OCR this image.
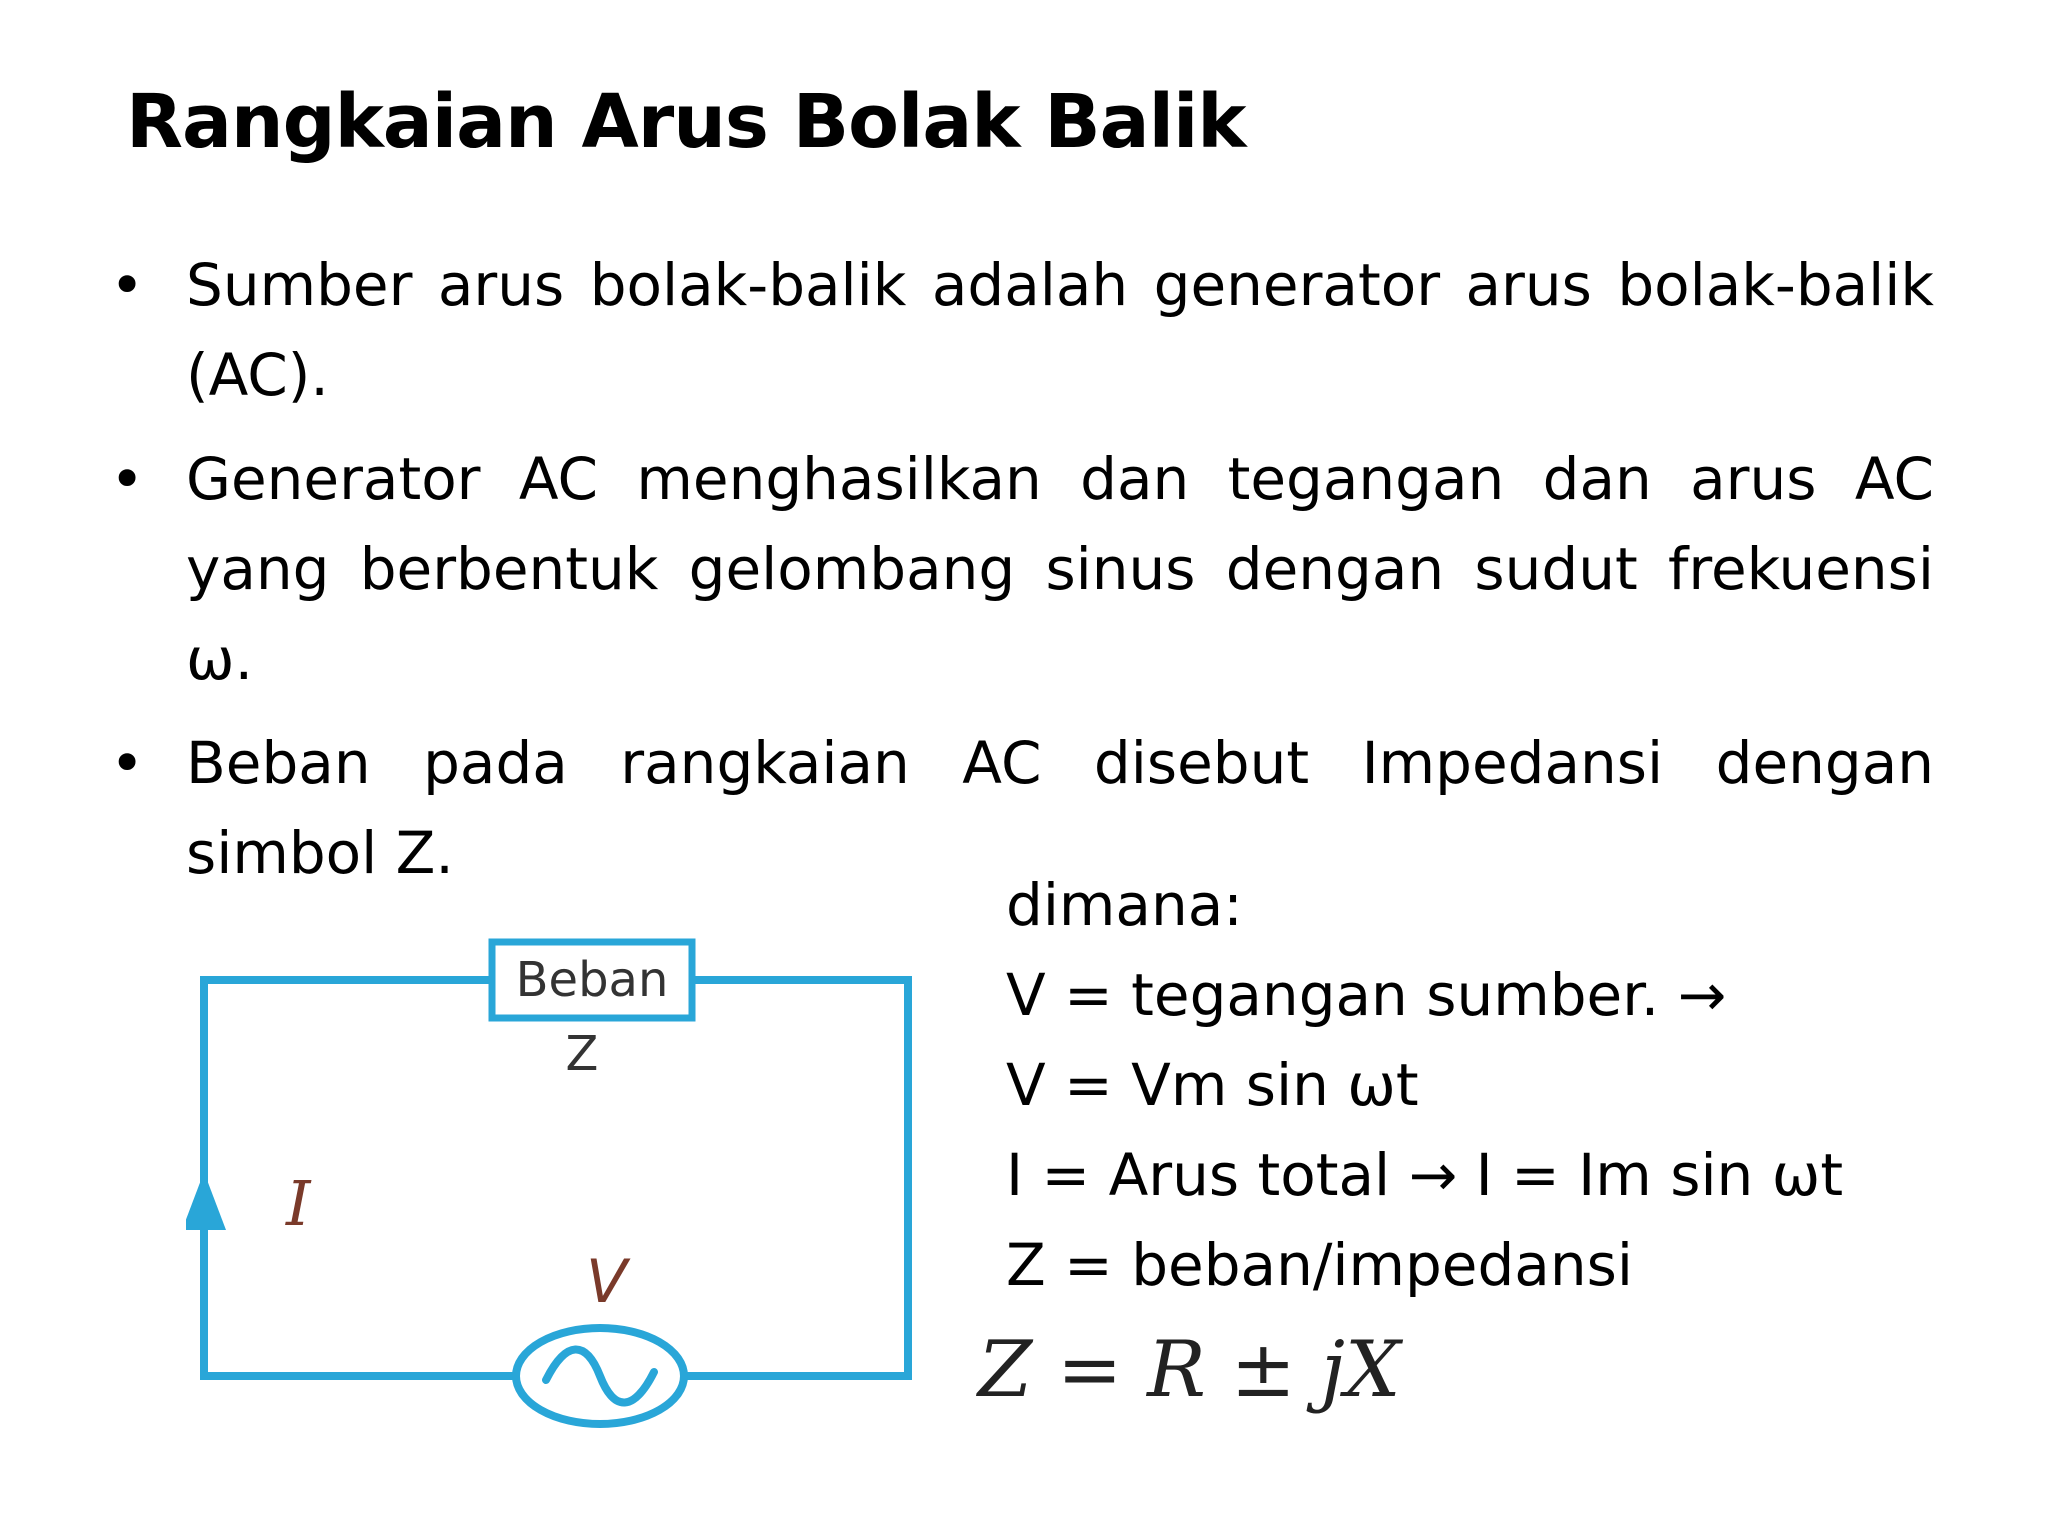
Rangkaian Arus Bolak Balik
• Sumber arus bolak-balik adalah generator arus bolak-balik (AC).
• Generator AC menghasilkan dan tegangan dan arus AC yang berbentuk gelombang sinus dengan sudut frekuensi ω.
• Beban pada rangkaian AC disebut Impedansi dengan simbol Z.
Beban
Z
I
V
dimana:
V = tegangan sumber. →
V = Vm sin ωt
I = Arus total → I = Im sin ωt
Z = beban/impedansi
Z = R ± jX
